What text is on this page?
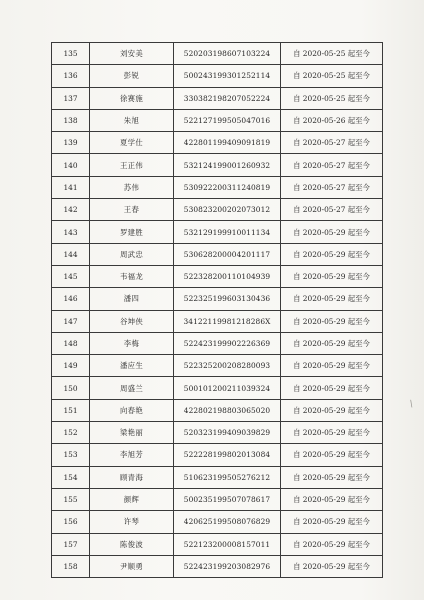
135	刘安美	520203198607103224	自 2020-05-25 起至今
136	彭锐	500243199301252114	自 2020-05-25 起至今
137	徐赛施	330382198207052224	自 2020-05-25 起至今
138	朱旭	522127199505047016	自 2020-05-26 起至今
139	夏学仕	422801199409091819	自 2020-05-27 起至今
140	王正伟	532124199001260932	自 2020-05-27 起至今
141	苏伟	530922200311240819	自 2020-05-27 起至今
142	王春	530823200202073012	自 2020-05-27 起至今
143	罗建胜	532129199910011134	自 2020-05-29 起至今
144	周武忠	530628200004201117	自 2020-05-29 起至今
145	韦福龙	522328200110104939	自 2020-05-29 起至今
146	潘四	522325199603130436	自 2020-05-29 起至今
147	谷坤侠	34122119981218286X	自 2020-05-29 起至今
148	李梅	522423199902226369	自 2020-05-29 起至今
149	潘应生	522325200208280093	自 2020-05-29 起至今
150	周盛兰	500101200211039324	自 2020-05-29 起至今
151	向春艳	422802198803065020	自 2020-05-29 起至今
152	梁艳丽	520323199409039829	自 2020-05-29 起至今
153	李旭芳	522228199802013084	自 2020-05-29 起至今
154	顾青海	510623199505276212	自 2020-05-29 起至今
155	颜辉	500235199507078617	自 2020-05-29 起至今
156	许琴	420625199508076829	自 2020-05-29 起至今
157	陈俊波	522123200008157011	自 2020-05-29 起至今
158	尹顺勇	522423199203082976	自 2020-05-29 起至今
∖
